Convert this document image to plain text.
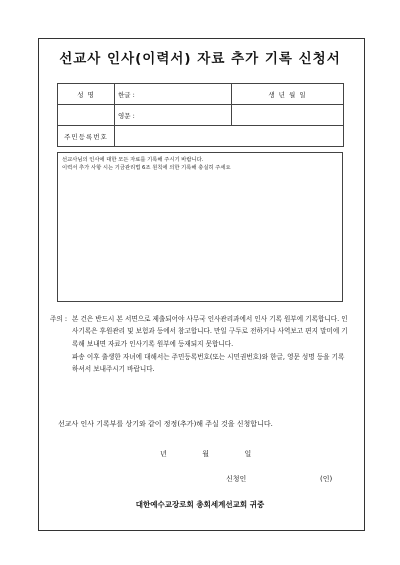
선교사 인사(이력서) 자료 추가 기록 신청서
성 명	한글 :	생 년 월 일
	영문 :	
주민등록번호		
선교사님의 인사에 대한 모든 자료를 기록해 주시기 바랍니다.
이력서 추가 사항 시는 기금관리법 6조 원칙에 의한 기록해 충실히 주세요
주의 : 본 건은 반드시 본 서면으로 제출되어야 사무국 인사관리과에서 인사 기록 원부에 기록합니다. 인사기록은 후원관리 및 보험과 등에서 참고합니다. 만일 구두로 전하거나 사역보고 편지 말미에 기록해 보내면 자료가 인사기록 원부에 등재되지 못합니다.

파송 이후 출생한 자녀에 대해서는 주민등록번호(또는 시민권번호)와 한글, 영문 성명 등을 기록하셔서 보내주시기 바랍니다.

선교사 인사 기록부를 상기와 같이 정정(추가)해 주실 것을 신청합니다.
년	월	일
신청인	(인)
대한예수교장로회 총회세계선교회 귀중
